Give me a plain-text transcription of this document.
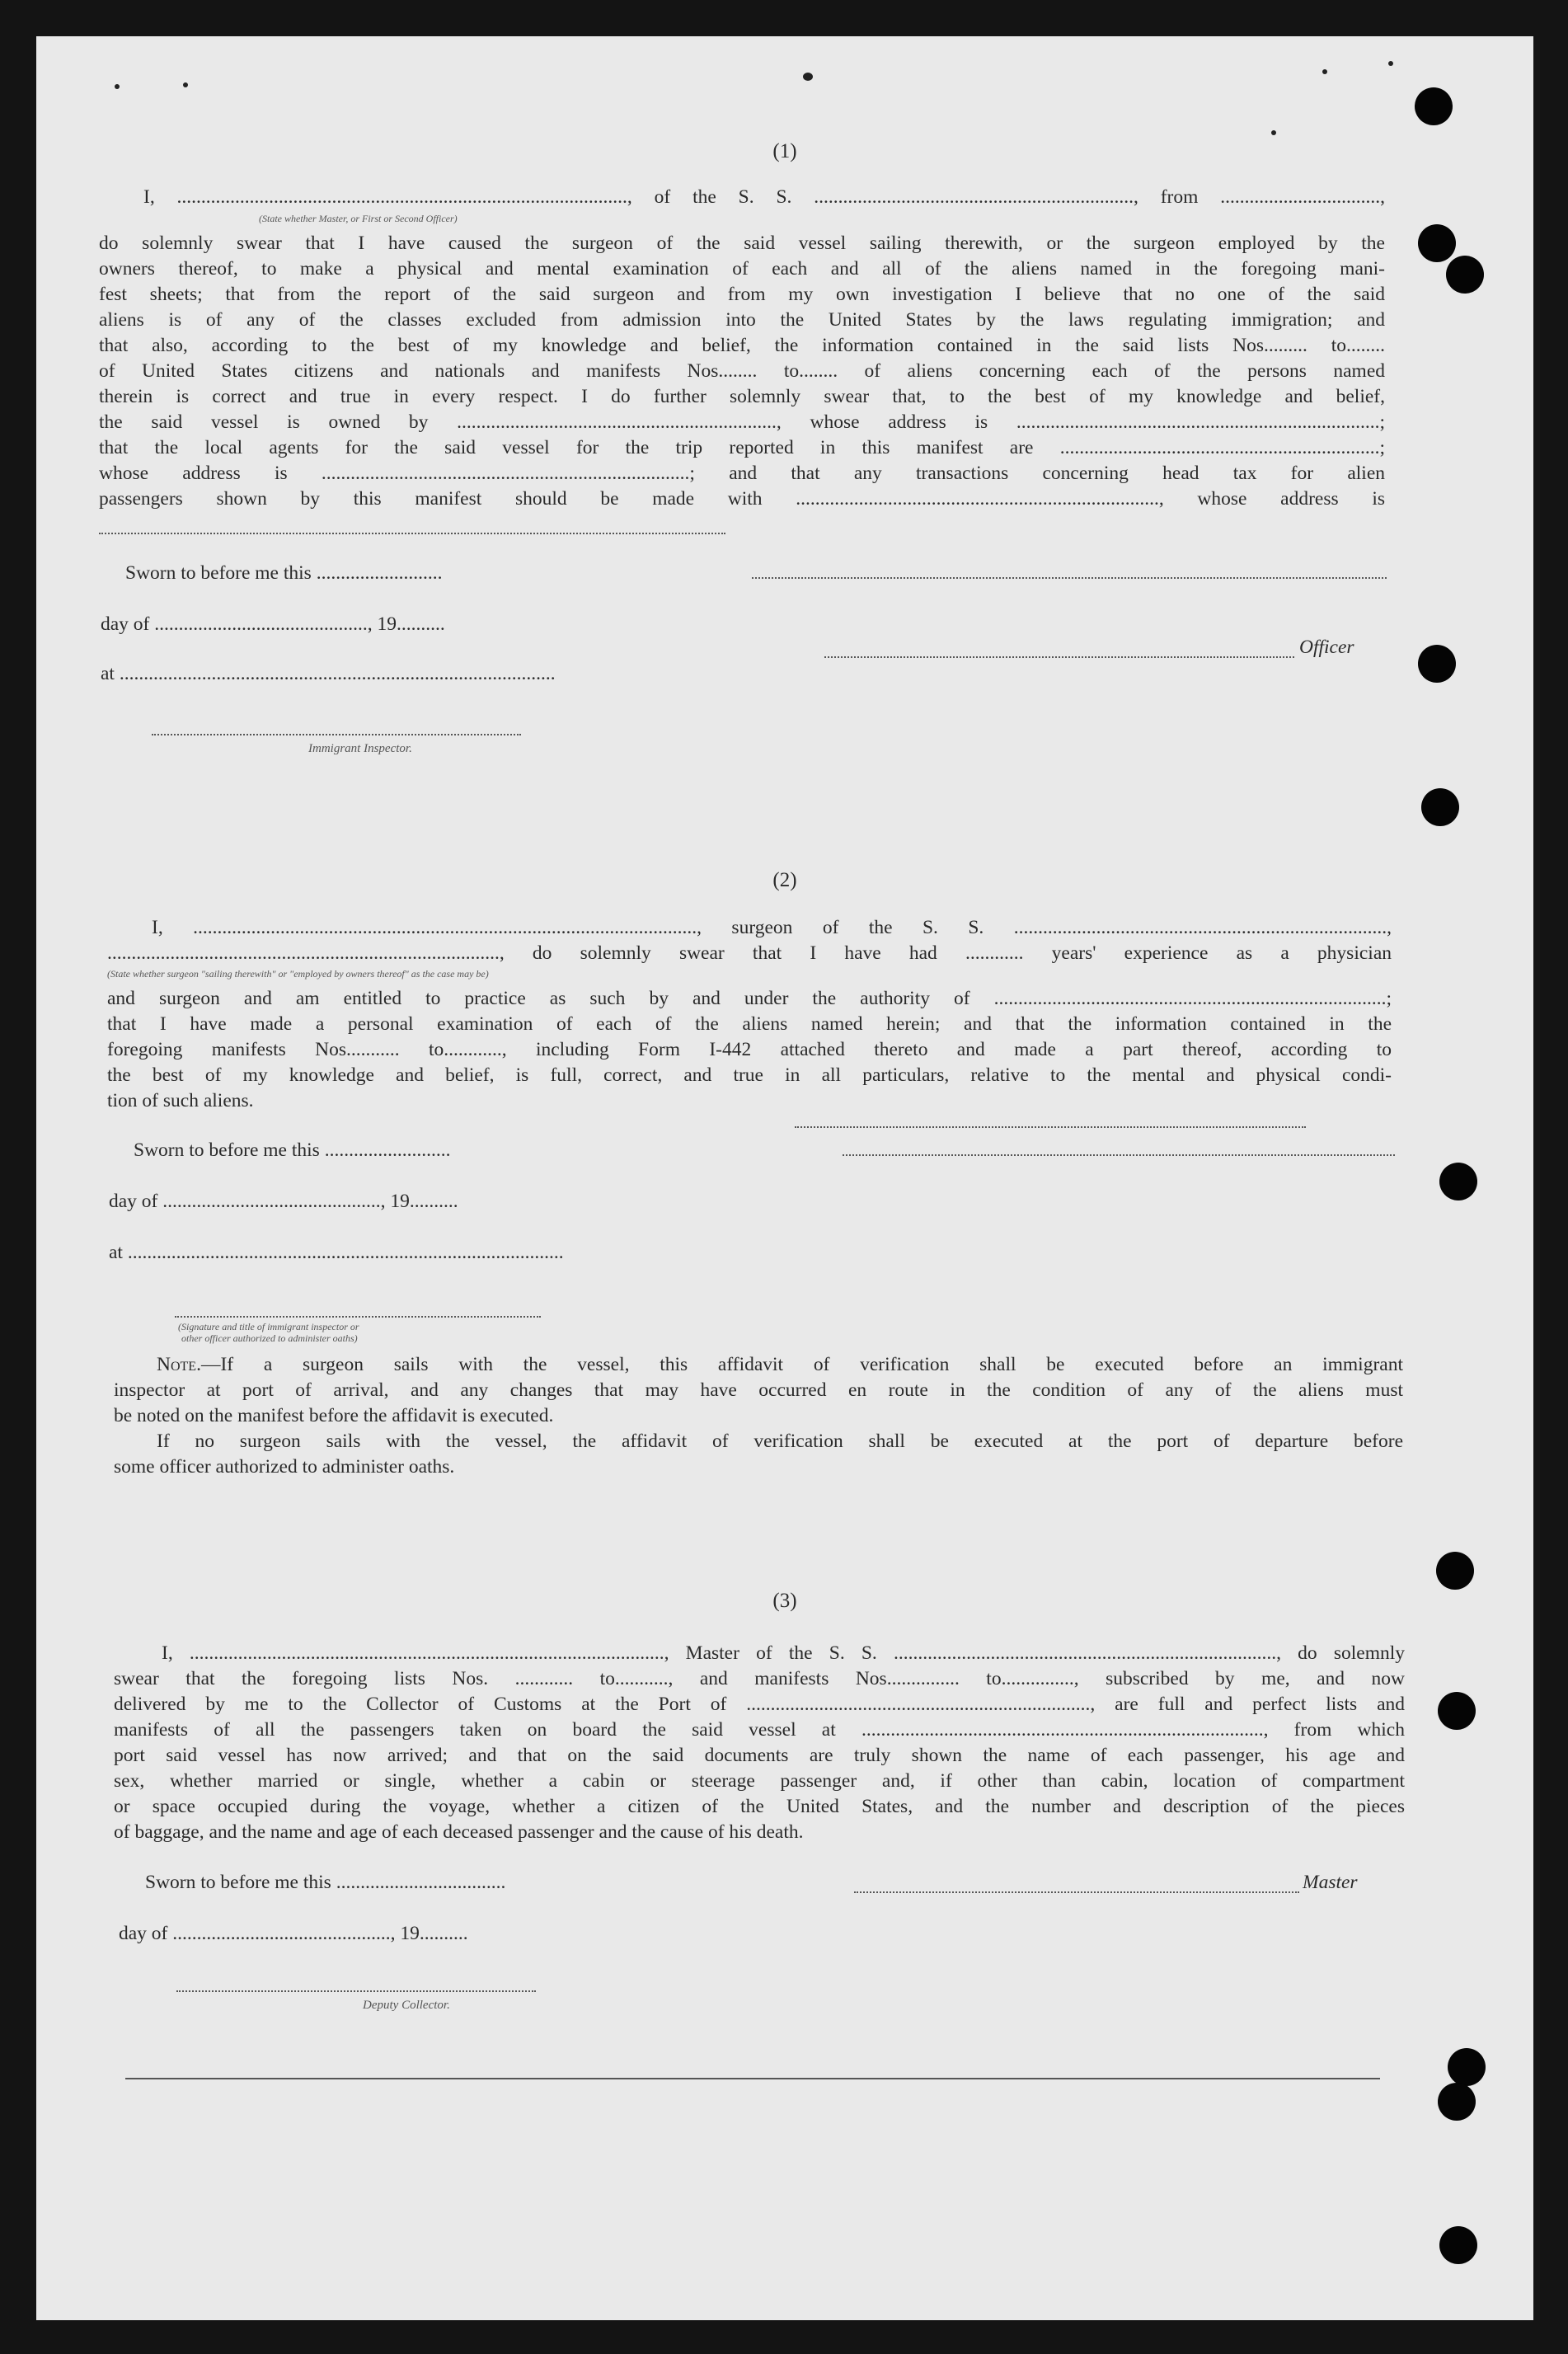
(1)
I, ............................................................................................., of the S. S. .................................................................., from .................................,
(State whether Master, or First or Second Officer)
do solemnly swear that I have caused the surgeon of the said vessel sailing therewith, or the surgeon employed by the
owners thereof, to make a physical and mental examination of each and all of the aliens named in the foregoing mani-
fest sheets; that from the report of the said surgeon and from my own investigation I believe that no one of the said
aliens is of any of the classes excluded from admission into the United States by the laws regulating immigration; and
that also, according to the best of my knowledge and belief, the information contained in the said lists Nos......... to........
of United States citizens and nationals and manifests Nos........ to........ of aliens concerning each of the persons named
therein is correct and true in every respect. I do further solemnly swear that, to the best of my knowledge and belief,
the said vessel is owned by .................................................................., whose address is ...........................................................................;
that the local agents for the said vessel for the trip reported in this manifest are ..................................................................;
whose address is ............................................................................; and that any transactions concerning head tax for alien
passengers shown by this manifest should be made with ..........................................................................., whose address is
Sworn to before me this ..........................
day of ............................................, 19..........
at ..........................................................................................
Immigrant Inspector.
Officer
(2)
I, ........................................................................................................, surgeon of the S. S. .............................................................................,
................................................................................., do solemnly swear that I have had ............ years' experience as a physician
(State whether surgeon "sailing therewith" or "employed by owners thereof" as the case may be)
and surgeon and am entitled to practice as such by and under the authority of .................................................................................;
that I have made a personal examination of each of the aliens named herein; and that the information contained in the
foregoing manifests Nos........... to............, including Form I-442 attached thereto and made a part thereof, according to
the best of my knowledge and belief, is full, correct, and true in all particulars, relative to the mental and physical condi-
tion of such aliens.
Sworn to before me this ..........................
day of ............................................., 19..........
at ..........................................................................................
(Signature and title of immigrant inspector or
other officer authorized to administer oaths)
Note.—If a surgeon sails with the vessel, this affidavit of verification shall be executed before an immigrant
inspector at port of arrival, and any changes that may have occurred en route in the condition of any of the aliens must
be noted on the manifest before the affidavit is executed.
If no surgeon sails with the vessel, the affidavit of verification shall be executed at the port of departure before
some officer authorized to administer oaths.
(3)
I, .................................................................................................., Master of the S. S. ..............................................................................., do solemnly
swear that the foregoing lists Nos. ............ to..........., and manifests Nos............... to..............., subscribed by me, and now
delivered by me to the Collector of Customs at the Port of ......................................................................., are full and perfect lists and
manifests of all the passengers taken on board the said vessel at ..................................................................................., from which
port said vessel has now arrived; and that on the said documents are truly shown the name of each passenger, his age and
sex, whether married or single, whether a cabin or steerage passenger and, if other than cabin, location of compartment
or space occupied during the voyage, whether a citizen of the United States, and the number and description of the pieces
of baggage, and the name and age of each deceased passenger and the cause of his death.
Sworn to before me this ...................................
day of ............................................., 19..........
Deputy Collector.
Master
